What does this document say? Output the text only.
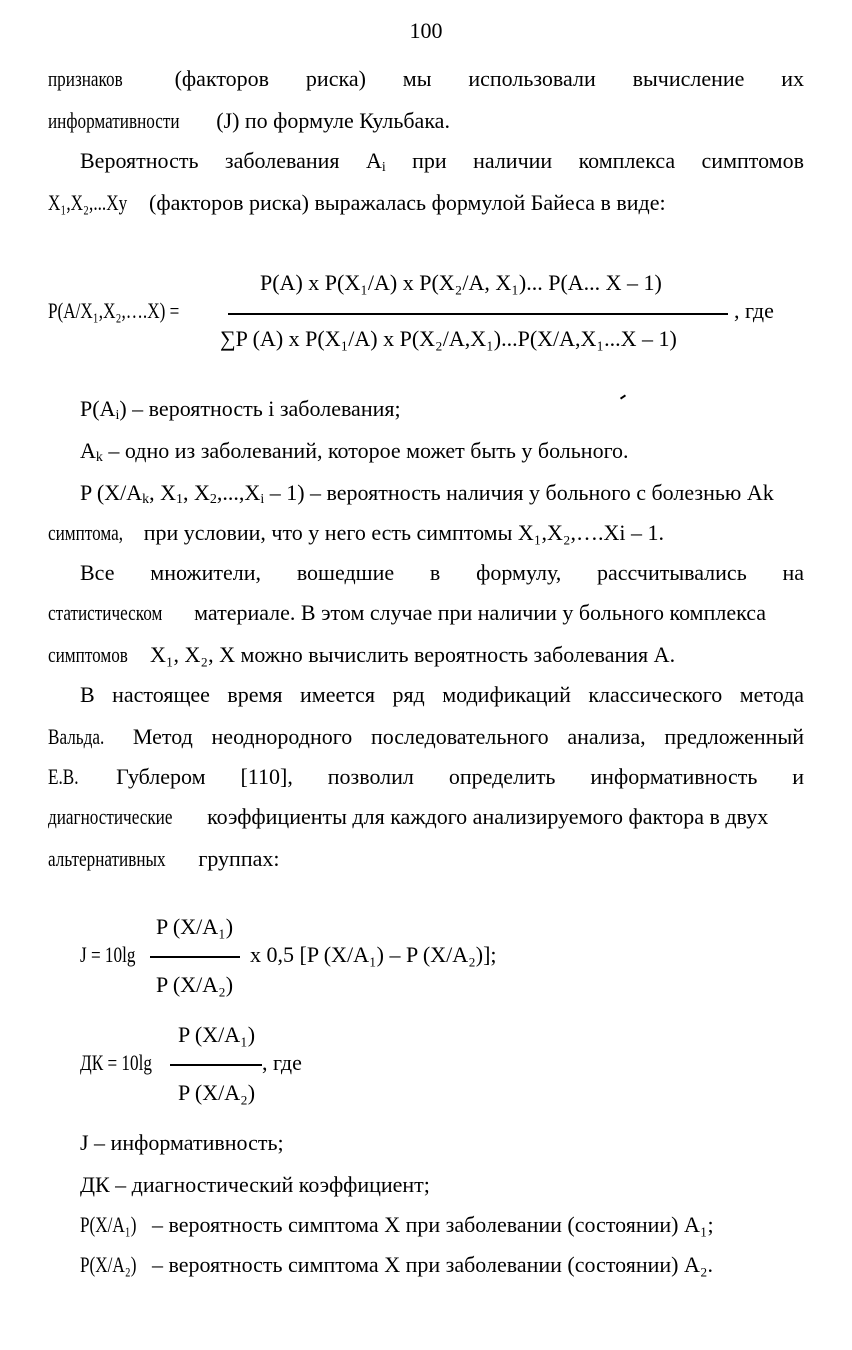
100
признаков (факторов риска) мы использовали вычисление их
информативности (J) по формуле Кульбака.
Вероятность заболевания $A_i$ при наличии комплекса симптомов
X₁,X₂,...Xy (факторов риска) выражалась формулой Байеса в виде:
P(A/X₁,X₂,….X) =
P(A) x P(X₁/A) x P(X₂/A, X₁)... P(A... X – 1)
∑P (A) x P(X₁/A) x P(X₂/A,X₁)...P(X/A,X₁...X – 1)
, где
$P(A_i)$ – вероятность i заболевания;
$A_k$ – одно из заболеваний, которое может быть у больного.
P ($X/A_k$, $X_1$, $X_2,...,X_i - 1$) – вероятность наличия у больного с болезнью Ak
симптома, при условии, что у него есть симптомы X₁,X₂,….Xi – 1.
Все множители, вошедшие в формулу, рассчитывались на
статистическом материале. В этом случае при наличии у больного комплекса
симптомов X₁, X₂, X можно вычислить вероятность заболевания A.
В настоящее время имеется ряд модификаций классического метода
Вальда. Метод неоднородного последовательного анализа, предложенный
Е.В. Гублером [110], позволил определить информативность и
диагностические коэффициенты для каждого анализируемого фактора в двух
альтернативных группах:
P (X/A₁)
J = 10lg
P (X/A₂)
x 0,5 [P (X/A₁) – P (X/A₂)];
P (X/A₁)
ДК = 10lg
P (X/A₂)
, где
J – информативность;
ДК – диагностический коэффициент;
P(X/A₁) – вероятность симптома X при заболевании (состоянии) A₁;
P(X/A₂) – вероятность симптома X при заболевании (состоянии) A₂.
